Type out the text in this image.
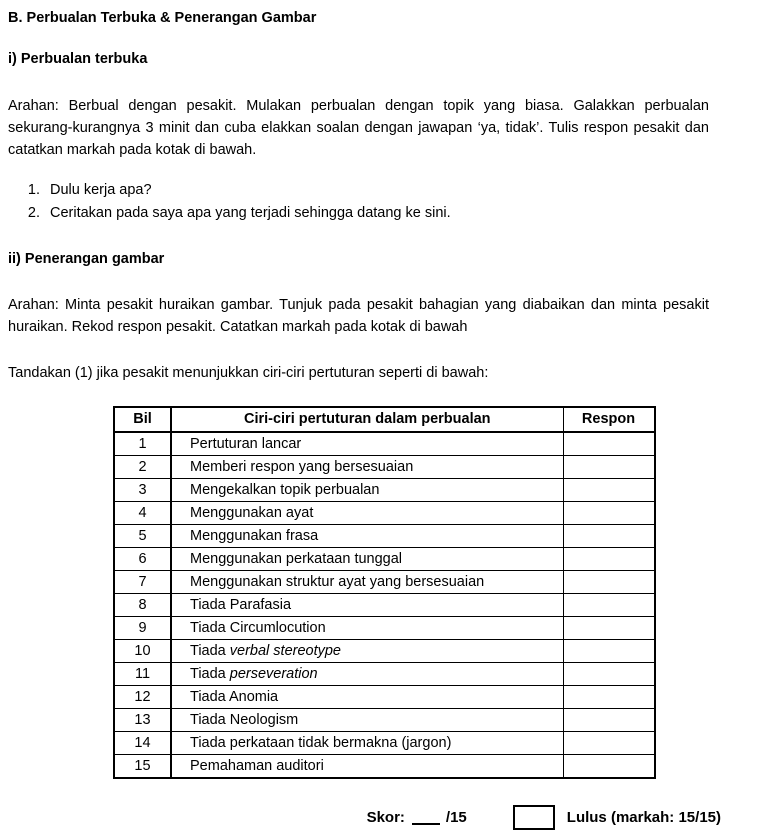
B. Perbualan Terbuka & Penerangan Gambar
i) Perbualan terbuka

Arahan: Berbual dengan pesakit. Mulakan perbualan dengan topik yang biasa. Galakkan perbualan sekurang-kurangnya 3 minit dan cuba elakkan soalan dengan jawapan ‘ya, tidak’. Tulis respon pesakit dan catatkan markah pada kotak di bawah.

1. Dulu kerja apa?
2. Ceritakan pada saya apa yang terjadi sehingga datang ke sini.
ii) Penerangan gambar

Arahan: Minta pesakit huraikan gambar. Tunjuk pada pesakit bahagian yang diabaikan dan minta pesakit huraikan. Rekod respon pesakit. Catatkan markah pada kotak di bawah

Tandakan (1) jika pesakit menunjukkan ciri-ciri pertuturan seperti di bawah:

Bil	Ciri-ciri pertuturan dalam perbualan	Respon
1	Pertuturan lancar	
2	Memberi respon yang bersesuaian	
3	Mengekalkan topik perbualan	
4	Menggunakan ayat	
5	Menggunakan frasa	
6	Menggunakan perkataan tunggal	
7	Menggunakan struktur ayat yang bersesuaian	
8	Tiada Parafasia	
9	Tiada Circumlocution	
10	Tiada verbal stereotype	
11	Tiada perseveration	
12	Tiada Anomia	
13	Tiada Neologism	
14	Tiada perkataan tidak bermakna (jargon)	
15	Pemahaman auditori	
Skor:	/15	Lulus (markah: 15/15)
